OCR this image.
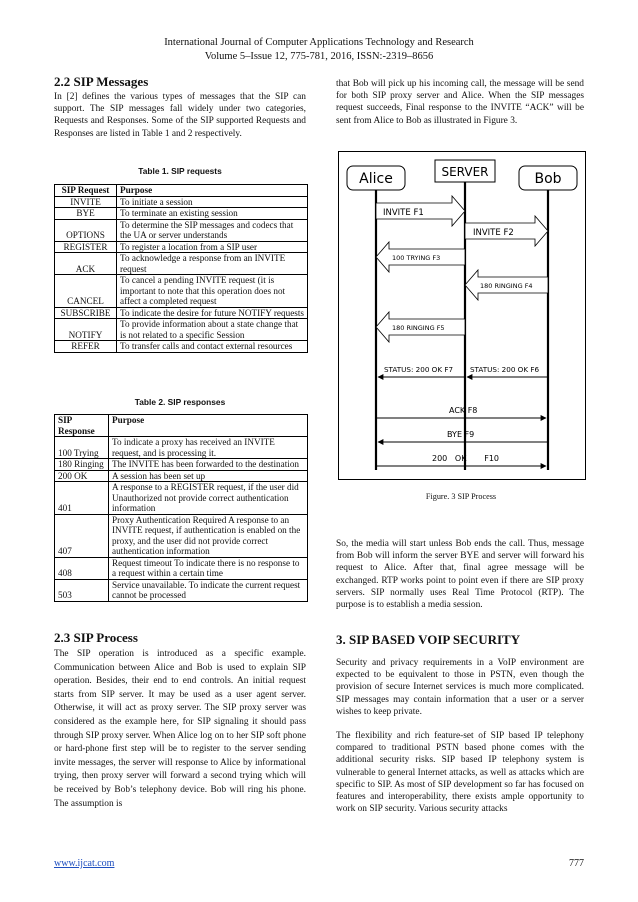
International Journal of Computer Applications Technology and Research
Volume 5–Issue 12, 775-781, 2016, ISSN:-2319–8656
2.2 SIP Messages

In [2] defines the various types of messages that the SIP can support. The SIP messages fall widely under two categories, Requests and Responses. Some of the SIP supported Requests and Responses are listed in Table 1 and 2 respectively.

Table 1. SIP requests
SIP Request	Purpose
INVITE	To initiate a session
BYE	To terminate an existing session
OPTIONS	To determine the SIP messages and codecs that the UA or server understands
REGISTER	To register a location from a SIP user
ACK	To acknowledge a response from an INVITE request
CANCEL	To cancel a pending INVITE request (it is important to note that this operation does not affect a completed request
SUBSCRIBE	To indicate the desire for future NOTIFY requests
NOTIFY	To provide information about a state change that is not related to a specific Session
REFER	To transfer calls and contact external resources
Table 2. SIP responses
SIP Response	Purpose
100 Trying	To indicate a proxy has received an INVITE request, and is processing it.
180 Ringing	The INVITE has been forwarded to the destination
200 OK	A session has been set up
401	A response to a REGISTER request, if the user did Unauthorized not provide correct authentication information
407	Proxy Authentication Required A response to an INVITE request, if authentication is enabled on the proxy, and the user did not provide correct authentication information
408	Request timeout To indicate there is no response to a request within a certain time
503	Service unavailable. To indicate the current request cannot be processed
2.3 SIP Process

The SIP operation is introduced as a specific example. Communication between Alice and Bob is used to explain SIP operation. Besides, their end to end controls. An initial request starts from SIP server. It may be used as a user agent server. Otherwise, it will act as proxy server. The SIP proxy server was considered as the example here, for SIP signaling it should pass through SIP proxy server. When Alice log on to her SIP soft phone or hard-phone first step will be to register to the server sending invite messages, the server will response to Alice by informational trying, then proxy server will forward a second trying which will be received by Bob’s telephony device. Bob will ring his phone. The assumption is

that Bob will pick up his incoming call, the message will be send for both SIP proxy server and Alice. When the SIP messages request succeeds, Final response to the INVITE “ACK” will be sent from Alice to Bob as illustrated in Figure 3.

Alice	SERVER	Bob
INVITE F1
INVITE F2
100 TRYING F3
180 RINGING F4
180 RINGING F5
STATUS: 200 OK F6
STATUS: 200 OK F7
ACK F8
BYE F9
200   OK       F10
Figure. 3 SIP Process

So, the media will start unless Bob ends the call. Thus, message from Bob will inform the server BYE and server will forward his request to Alice. After that, final agree message will be exchanged. RTP works point to point even if there are SIP proxy servers. SIP normally uses Real Time Protocol (RTP). The purpose is to establish a media session.

3. SIP BASED VOIP SECURITY

Security and privacy requirements in a VoIP environment are expected to be equivalent to those in PSTN, even though the provision of secure Internet services is much more complicated. SIP messages may contain information that a user or a server wishes to keep private.

The flexibility and rich feature-set of SIP based IP telephony compared to traditional PSTN based phone comes with the additional security risks. SIP based IP telephony system is vulnerable to general Internet attacks, as well as attacks which are specific to SIP. As most of SIP development so far has focused on features and interoperability, there exists ample opportunity to work on SIP security. Various security attacks

www.ijcat.com	777
